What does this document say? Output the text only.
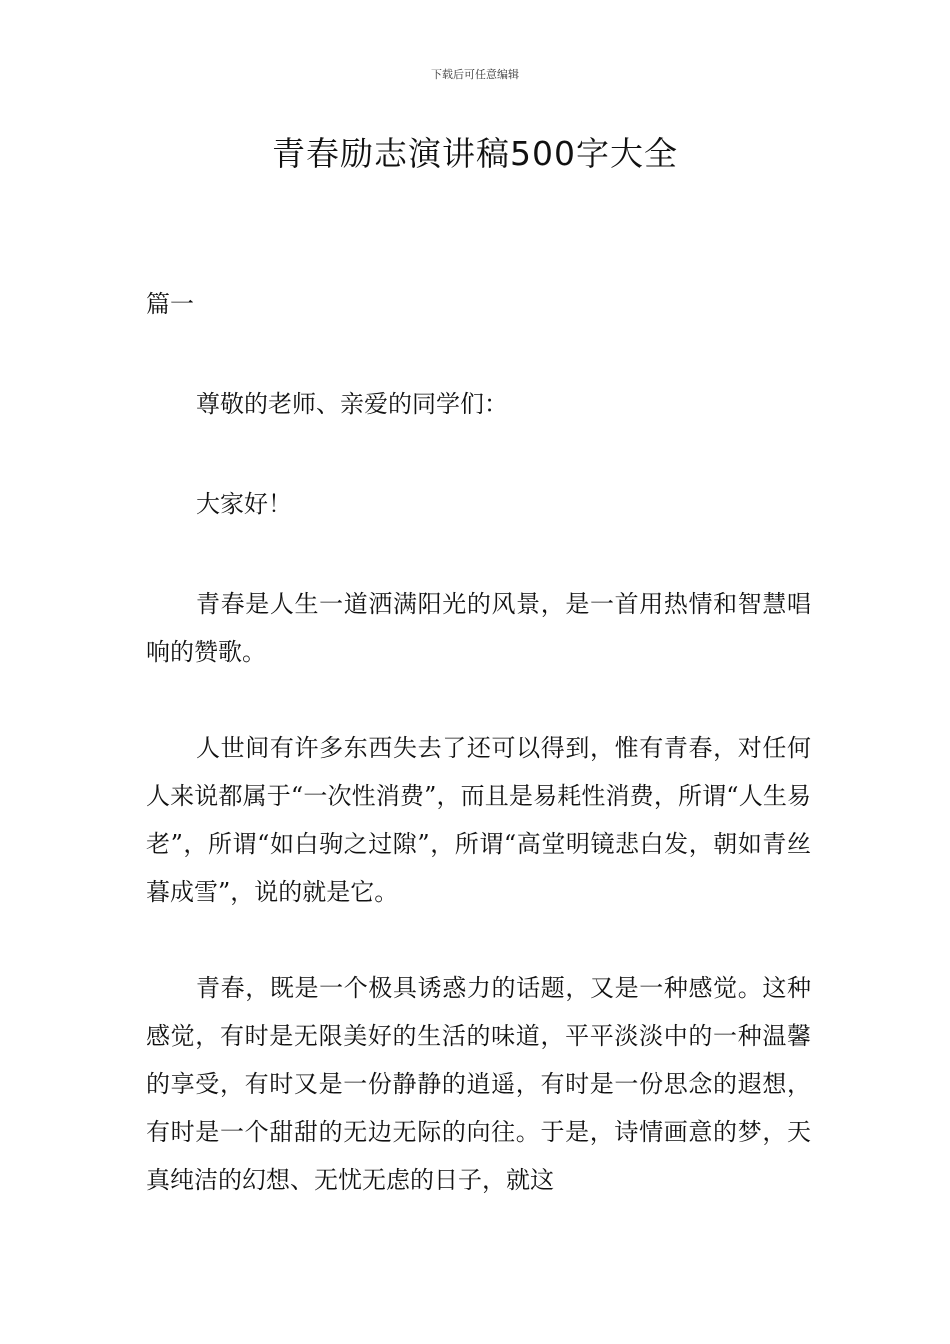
下载后可任意编辑
青春励志演讲稿500字大全
篇一

尊敬的老师、亲爱的同学们：

大家好！

青春是人生一道洒满阳光的风景，是一首用热情和智慧唱响的赞歌。

人世间有许多东西失去了还可以得到，惟有青春，对任何人来说都属于“一次性消费”，而且是易耗性消费，所谓“人生易老”，所谓“如白驹之过隙”，所谓“高堂明镜悲白发，朝如青丝暮成雪”，说的就是它。

青春，既是一个极具诱惑力的话题，又是一种感觉。这种感觉，有时是无限美好的生活的味道，平平淡淡中的一种温馨的享受，有时又是一份静静的逍遥，有时是一份思念的遐想，有时是一个甜甜的无边无际的向往。于是，诗情画意的梦，天真纯洁的幻想、无忧无虑的日子，就这
